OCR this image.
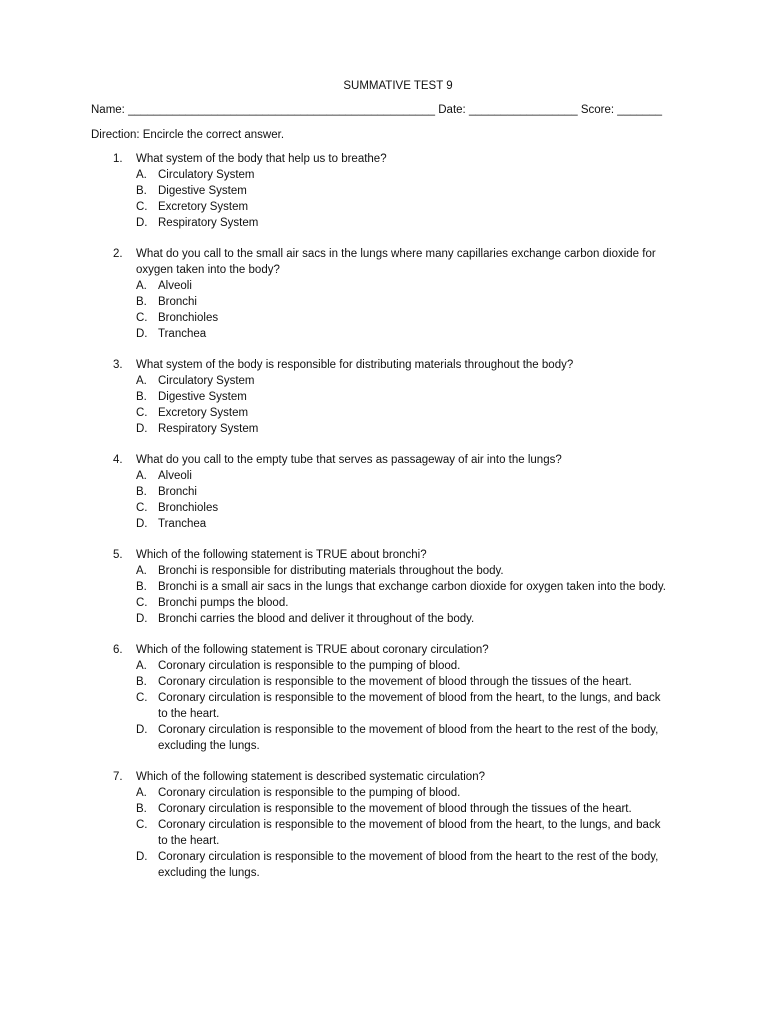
SUMMATIVE TEST 9
Name: ________________________________________________ Date: _________________ Score: _______
Direction: Encircle the correct answer.
1.	What system of the body that help us to breathe?
A. Circulatory System
B. Digestive System
C. Excretory System
D. Respiratory System
2.	What do you call to the small air sacs in the lungs where many capillaries exchange carbon dioxide for oxygen taken into the body?
A. Alveoli
B. Bronchi
C. Bronchioles
D. Tranchea
3.	What system of the body is responsible for distributing materials throughout the body?
A. Circulatory System
B. Digestive System
C. Excretory System
D. Respiratory System
4.	What do you call to the empty tube that serves as passageway of air into the lungs?
A. Alveoli
B. Bronchi
C. Bronchioles
D. Tranchea
5.	Which of the following statement is TRUE about bronchi?
A. Bronchi is responsible for distributing materials throughout the body.
B. Bronchi is a small air sacs in the lungs that exchange carbon dioxide for oxygen taken into the body.
C. Bronchi pumps the blood.
D. Bronchi carries the blood and deliver it throughout of the body.
6.	Which of the following statement is TRUE about coronary circulation?
A. Coronary circulation is responsible to the pumping of blood.
B. Coronary circulation is responsible to the movement of blood through the tissues of the heart.
C. Coronary circulation is responsible to the movement of blood from the heart, to the lungs, and back to the heart.
D. Coronary circulation is responsible to the movement of blood from the heart to the rest of the body, excluding the lungs.
7.	Which of the following statement is described systematic circulation?
A. Coronary circulation is responsible to the pumping of blood.
B. Coronary circulation is responsible to the movement of blood through the tissues of the heart.
C. Coronary circulation is responsible to the movement of blood from the heart, to the lungs, and back to the heart.
D. Coronary circulation is responsible to the movement of blood from the heart to the rest of the body, excluding the lungs.
